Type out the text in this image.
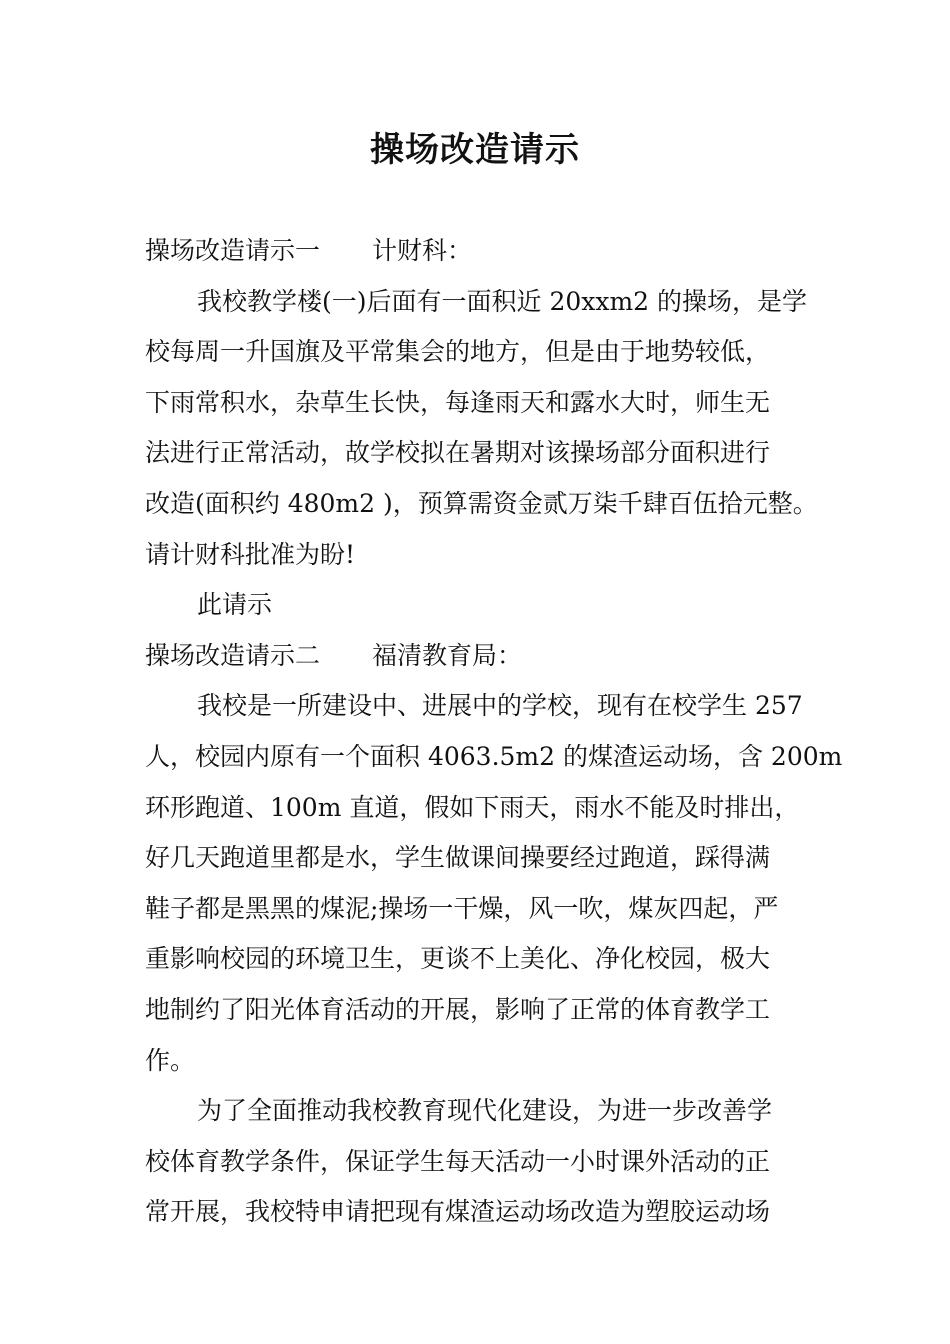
操场改造请示
操场改造请示一 计财科：
我校教学楼(一)后面有一面积近 20xxm2 的操场，是学
校每周一升国旗及平常集会的地方，但是由于地势较低，
下雨常积水，杂草生长快，每逢雨天和露水大时，师生无
法进行正常活动，故学校拟在暑期对该操场部分面积进行
改造(面积约 480m2 )，预算需资金贰万柒千肆百伍拾元整。
请计财科批准为盼!
此请示
操场改造请示二 福清教育局：
我校是一所建设中、进展中的学校，现有在校学生 257
人，校园内原有一个面积 4063.5m2 的煤渣运动场，含 200m
环形跑道、100m 直道，假如下雨天，雨水不能及时排出，
好几天跑道里都是水，学生做课间操要经过跑道，踩得满
鞋子都是黑黑的煤泥;操场一干燥，风一吹，煤灰四起，严
重影响校园的环境卫生，更谈不上美化、净化校园，极大
地制约了阳光体育活动的开展，影响了正常的体育教学工
作。
为了全面推动我校教育现代化建设，为进一步改善学
校体育教学条件，保证学生每天活动一小时课外活动的正
常开展，我校特申请把现有煤渣运动场改造为塑胶运动场
